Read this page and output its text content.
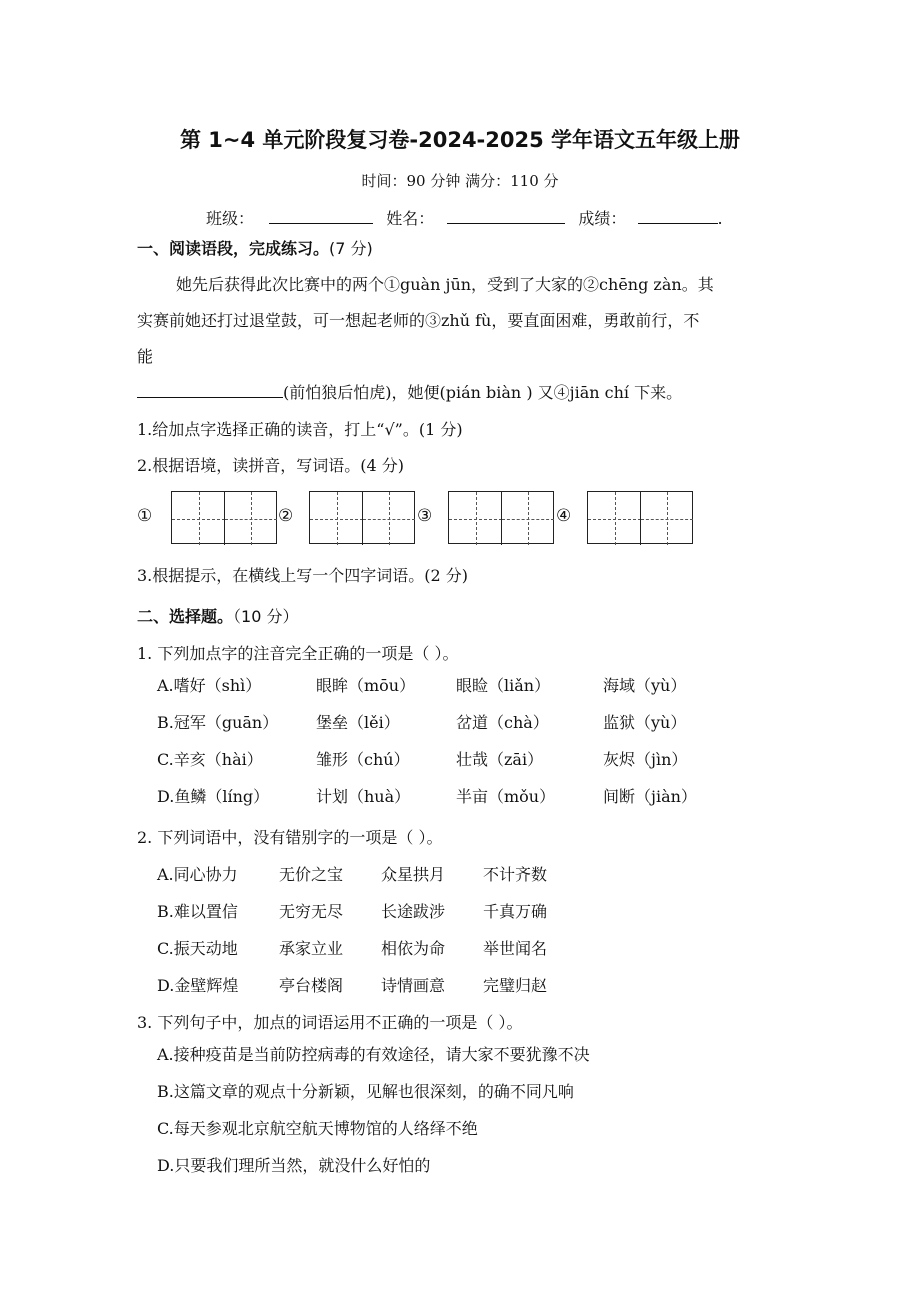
第 1~4 单元阶段复习卷-2024-2025 学年语文五年级上册
时间：90 分钟 满分：110 分
班级：	姓名：	成绩：	.
一、阅读语段，完成练习。(7 分)
她先后获得此次比赛中的两个①guàn jūn，受到了大家的②chēng zàn。其
实赛前她还打过退堂鼓，可一想起老师的③zhǔ fù，要直面困难，勇敢前行，不
能
(前怕狼后怕虎)，她便(pián biàn ) 又④jiān chí 下来。
1.给加点字选择正确的读音，打上“√”。(1 分)
2.根据语境，读拼音，写词语。(4 分)
①	②	③	④
3.根据提示，在横线上写一个四字词语。(2 分)
二、选择题。（10 分）
1. 下列加点字的注音完全正确的一项是（ ）。
A.嗜好（shì）	眼眸（mōu）	眼睑（liǎn）	海域（yù）
B.冠军（guān） 堡垒（lěi）	岔道（chà）	监狱（yù）
C.辛亥（hài）	雏形（chú）	壮哉（zāi）	灰烬（jìn）
D.鱼鳞（líng）	计划（huà）	半亩（mǒu）	间断（jiàn）
2. 下列词语中，没有错别字的一项是（ ）。
A.同心协力	无价之宝 众星拱月 不计齐数
B.难以置信	无穷无尽 长途跋涉 千真万确
C.振天动地	承家立业 相依为命 举世闻名
D.金壁辉煌	亭台楼阁 诗情画意 完璧归赵
3. 下列句子中，加点的词语运用不正确的一项是（ ）。
A.接种疫苗是当前防控病毒的有效途径，请大家不要犹豫不决
B.这篇文章的观点十分新颖，见解也很深刻，的确不同凡响
C.每天参观北京航空航天博物馆的人络绎不绝
D.只要我们理所当然，就没什么好怕的
